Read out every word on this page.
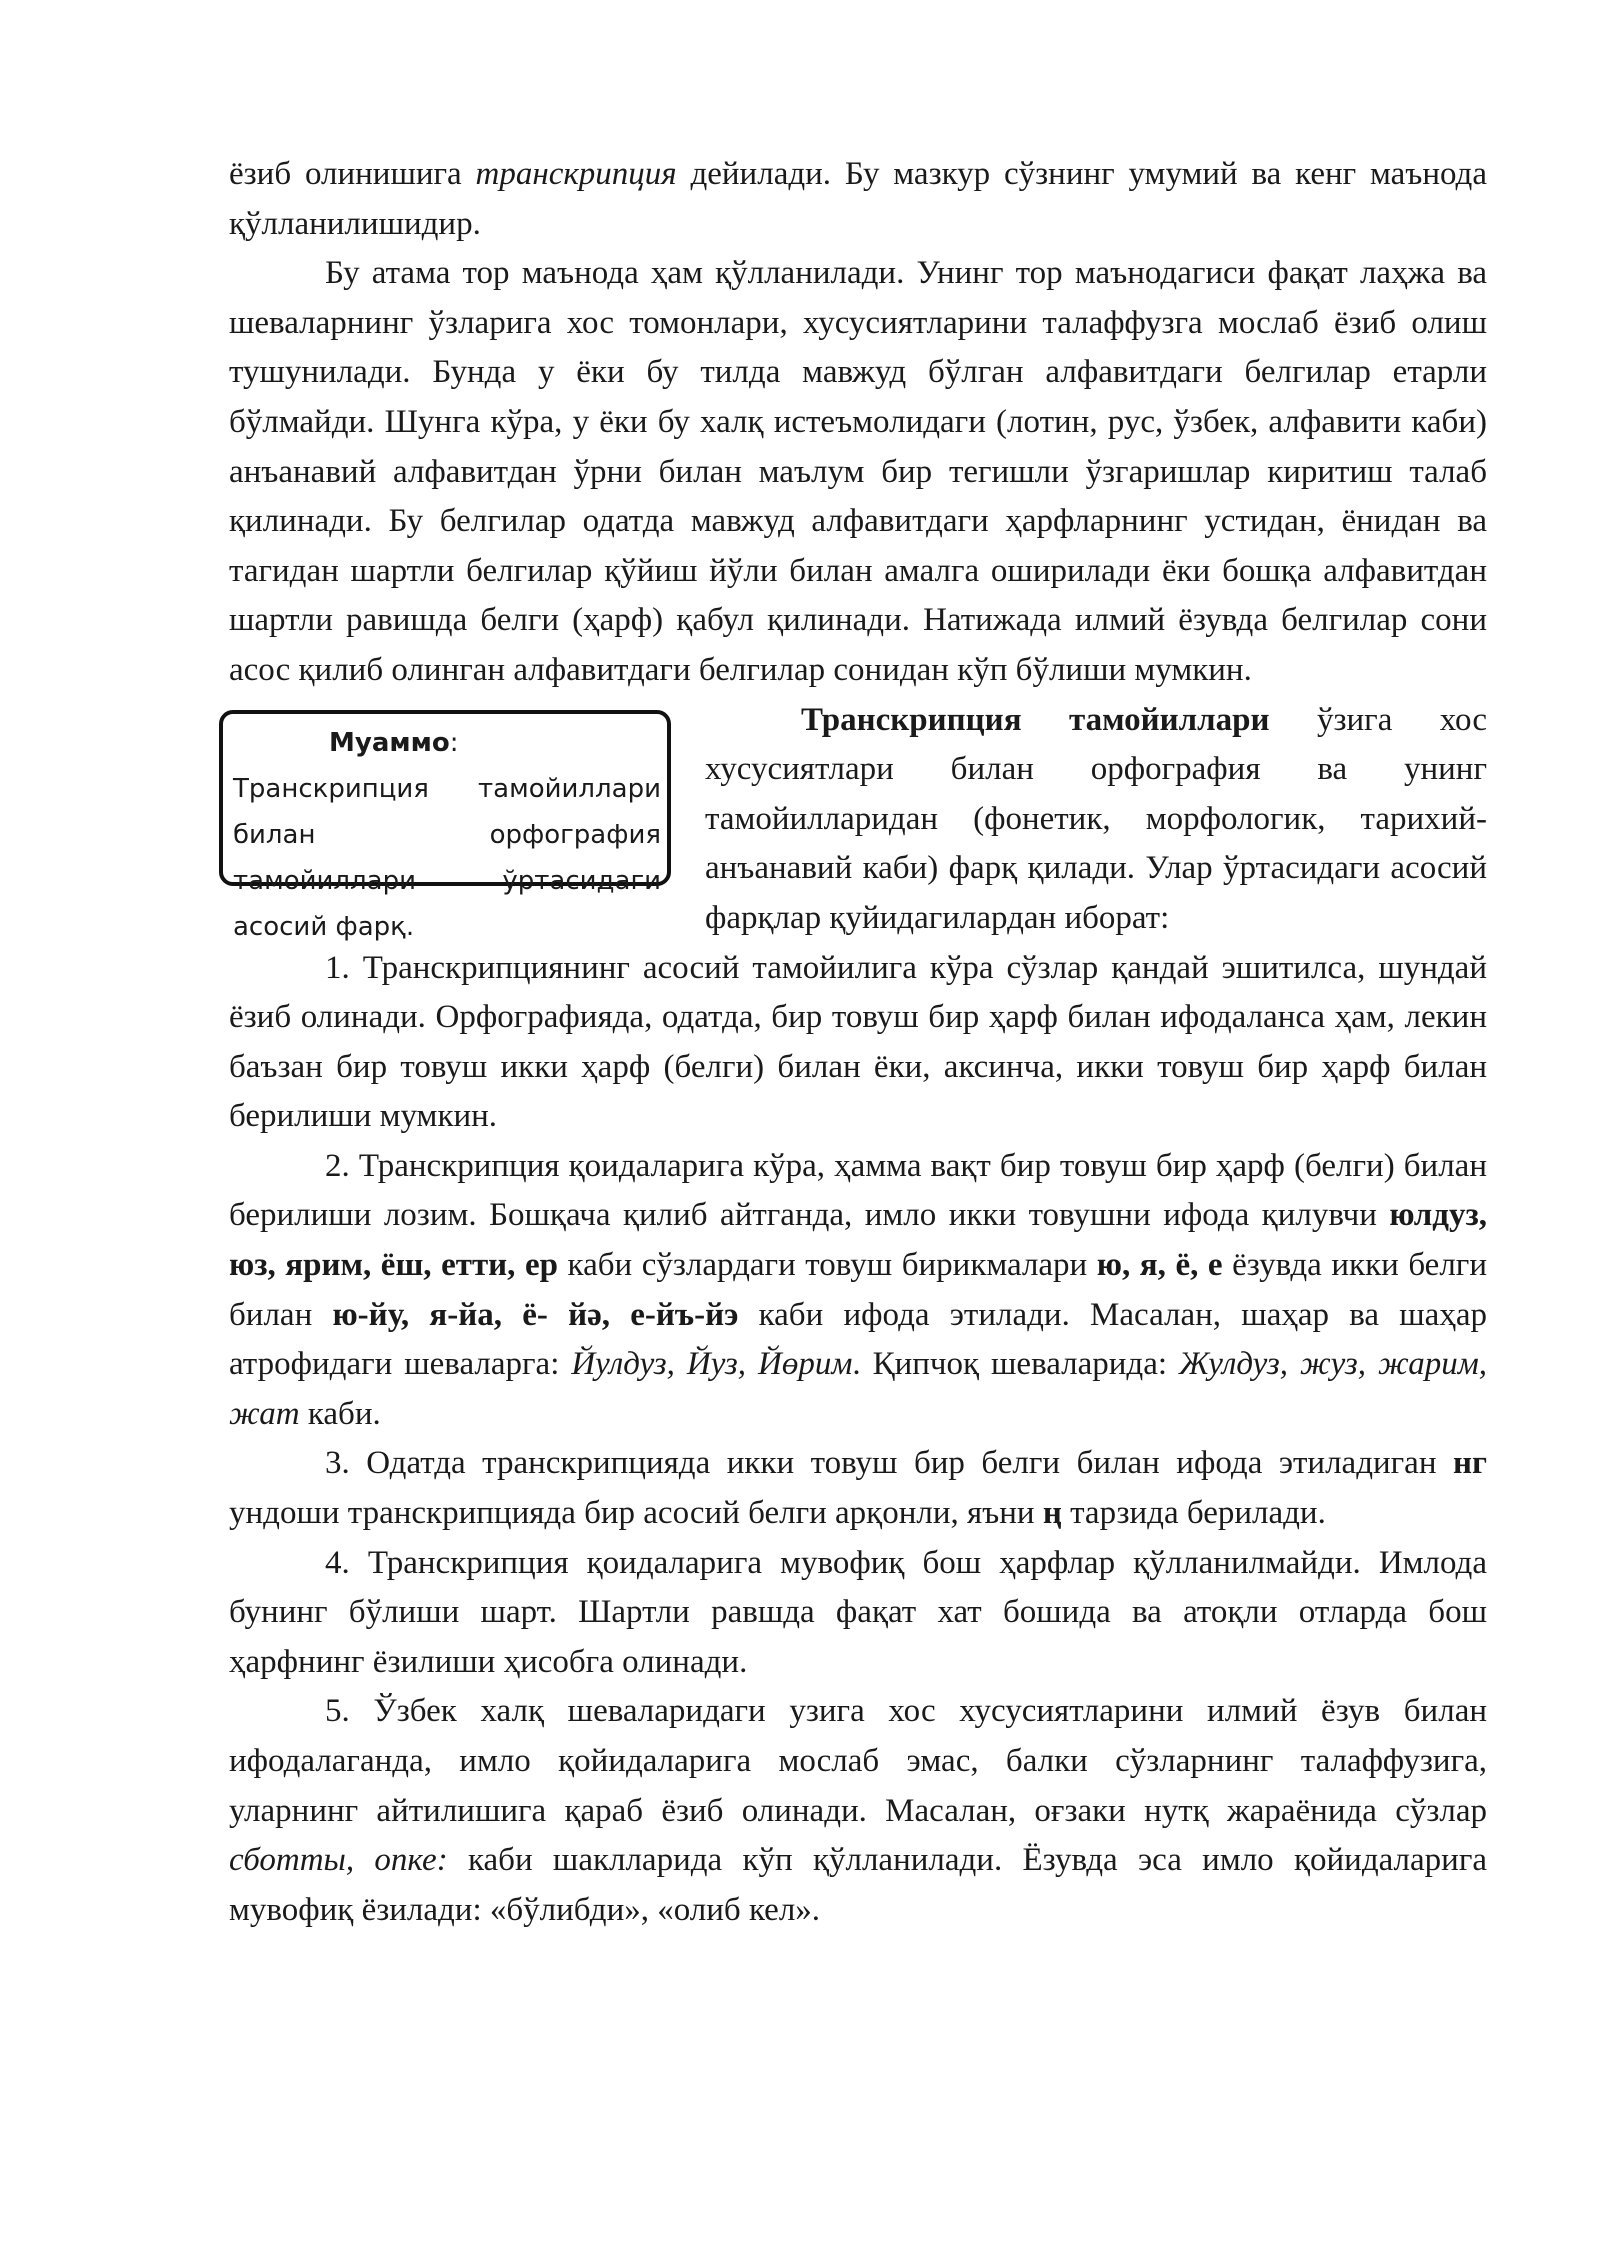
ёзиб олинишига транскрипция дейилади. Бу мазкур сўзнинг умумий ва кенг маънода қўлланилишидир.

Бу атама тор маънода ҳам қўлланилади. Унинг тор маънодагиси фақат лаҳжа ва шеваларнинг ўзларига хос томонлари, хусусиятларини талаффузга мослаб ёзиб олиш тушунилади. Бунда у ёки бу тилда мавжуд бўлган алфавитдаги белгилар етарли бўлмайди. Шунга кўра, у ёки бу халқ истеъмолидаги (лотин, рус, ўзбек, алфавити каби) анъанавий алфавитдан ўрни билан маълум бир тегишли ўзгаришлар киритиш талаб қилинади. Бу белгилар одатда мавжуд алфавитдаги ҳарфларнинг устидан, ёнидан ва тагидан шартли белгилар қўйиш йўли билан амалга оширилади ёки бошқа алфавитдан шартли равишда белги (ҳарф) қабул қилинади. Натижада илмий ёзувда белгилар сони асос қилиб олинган алфавитдаги белгилар сонидан кўп бўлиши мумкин.

Муаммо: Транскрипция тамойиллари билан орфография тамойиллари ўртасидаги асосий фарқ.

Транскрипция тамойиллари ўзига хос хусусиятлари билан орфография ва унинг тамойилларидан (фонетик, морфологик, тарихий-анъанавий каби) фарқ қилади. Улар ўртасидаги асосий фарқлар қуйидагилардан иборат:

1. Транскрипциянинг асосий тамойилига кўра сўзлар қандай эшитилса, шундай ёзиб олинади. Орфографияда, одатда, бир товуш бир ҳарф билан ифодаланса ҳам, лекин баъзан бир товуш икки ҳарф (белги) билан ёки, аксинча, икки товуш бир ҳарф билан берилиши мумкин.

2. Транскрипция қоидаларига кўра, ҳамма вақт бир товуш бир ҳарф (белги) билан берилиши лозим. Бошқача қилиб айтганда, имло икки товушни ифода қилувчи юлдуз, юз, ярим, ёш, етти, ер каби сўзлардаги товуш бирикмалари ю, я, ё, е ёзувда икки белги билан ю-йу, я-йа, ё- йә, е-йъ-йэ каби ифода этилади. Масалан, шаҳар ва шаҳар атрофидаги шеваларга: Йулдуз, Йуз, Йөрим. Қипчоқ шеваларида: Жулдуз, жуз, жарим, жат каби.

3. Одатда транскрипцияда икки товуш бир белги билан ифода этиладиган нг ундоши транскрипцияда бир асосий белги арқонли, яъни ң тарзида берилади.

4. Транскрипция қоидаларига мувофиқ бош ҳарфлар қўлланилмайди. Имлода бунинг бўлиши шарт. Шартли равшда фақат хат бошида ва атоқли отларда бош ҳарфнинг ёзилиши ҳисобга олинади.

5. Ўзбек халқ шеваларидаги узига хос хусусиятларини илмий ёзув билан ифодалаганда, имло қойидаларига мослаб эмас, балки сўзларнинг талаффузига, уларнинг айтилишига қараб ёзиб олинади. Масалан, оғзаки нутқ жараёнида сўзлар сботты, опке: каби шаклларида кўп қўлланилади. Ёзувда эса имло қойидаларига мувофиқ ёзилади: «бўлибди», «олиб кел».
